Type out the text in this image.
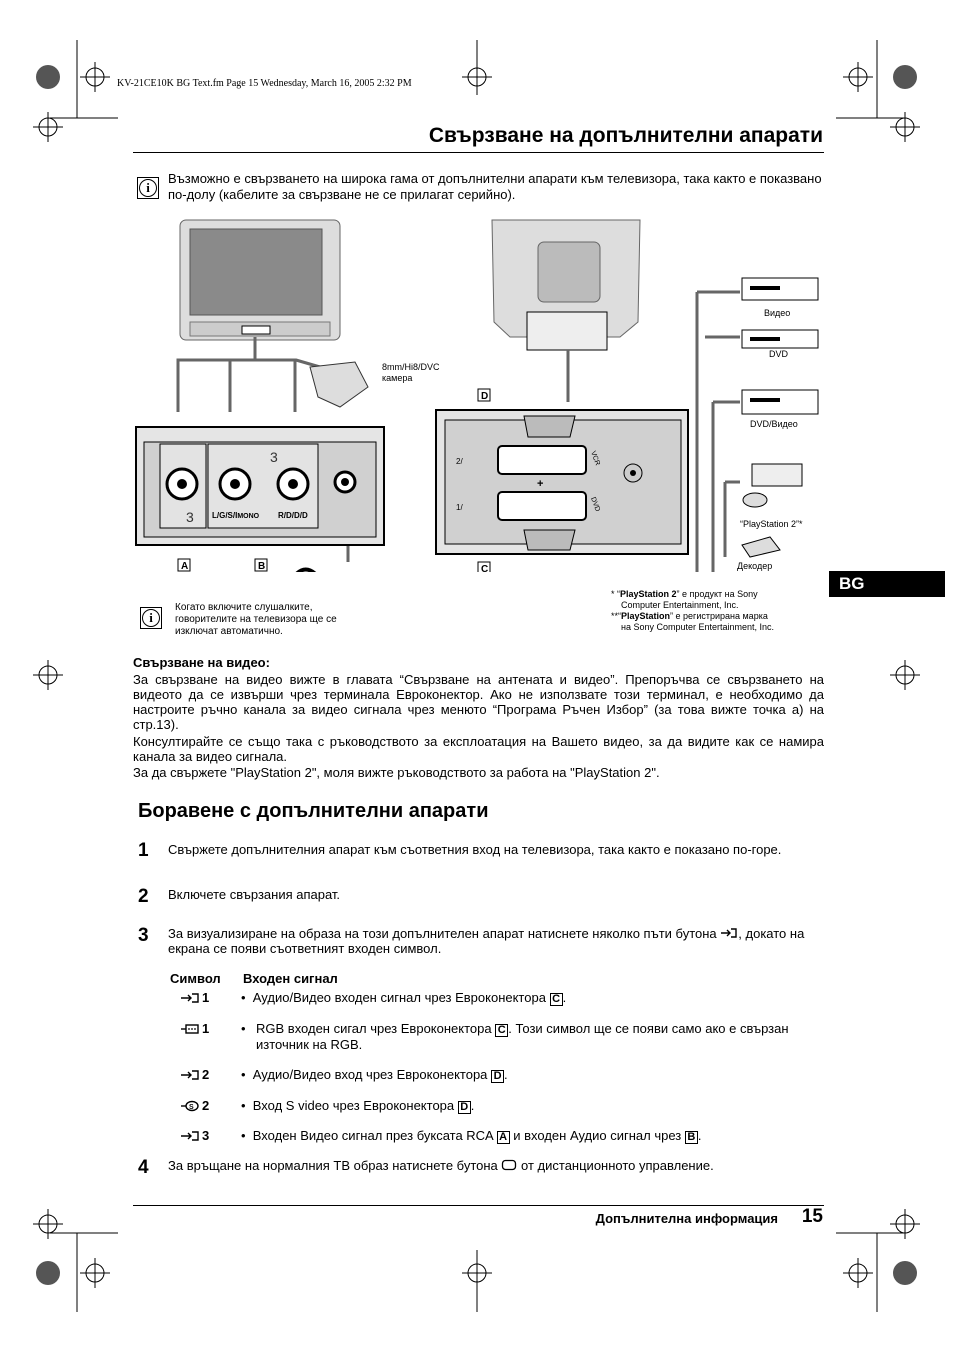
KV-21CE10K BG Text.fm Page 15 Wednesday, March 16, 2005 2:32 PM
Свързване на допълнителни апарати
i
Възможно е свързването на широка гама от допълнителни апарати към телевизора, така както е показвано по-долу (кабелите за свързване не се прилагат серийно).
8mm/Hi8/DVC
камера
L/G/S/IMONO R/D/D/D
3
3
A	B
2/
1/
VCR
DVD
+
D
C
Видео
DVD
DVD/Видео
“PlayStation 2”*
Декодер
BG
i
Когато включите слушалките, говорителите на телевизора ще се изключат автоматично.
* “PlayStation 2” е продукт на Sony
Computer Entertainment, Inc.
**“PlayStation” е регистрирана марка
на Sony Computer Entertainment, Inc.
Свързване на видео:
За свързване на видео вижте в главата “Свързване на антената и видео”. Препоръчва се свързването на видеото да се извърши чрез терминала Евроконектор. Ако не използвате този терминал, е необходимо да настроите ръчно канала за видео сигнала чрез менюто “Програма Ръчен Избор” (за това вижте точка а) на стр.13).
Консултирайте се също така с ръководството за експлоатация на Вашето видео, за да видите как се намира канала за видео сигнала.
За да свържете "PlayStation 2", моля вижте ръководството за работа на "PlayStation 2".
Боравене с допълнителни апарати
1 Свържете допълнителния апарат към съответния вход на телевизора, така както е показано по-горе.
2 Включете свързания апарат.
3 За визуализиране на образа на този допълнителен апарат натиснете няколко пъти бутона , докато на екрана се появи съответният входен символ.
Символ Входен сигнал
1 •  Аудио/Видео входен сигнал чрез Евроконектора C .
1 • RGB входен сигал чрез Евроконектора C . Този символ ще се появи само ако е свързан източник на RGB.
2 •  Аудио/Видео вход чрез Евроконектора D .
S 2 •  Вход S video чрез Евроконектора D .
3 •  Входен Видео сигнал през буксата RCA A и входен Аудио сигнал чрез B .
4 За връщане на нормалния ТВ образ натиснете бутона от дистанционното управление.
Допълнителна информация 15
